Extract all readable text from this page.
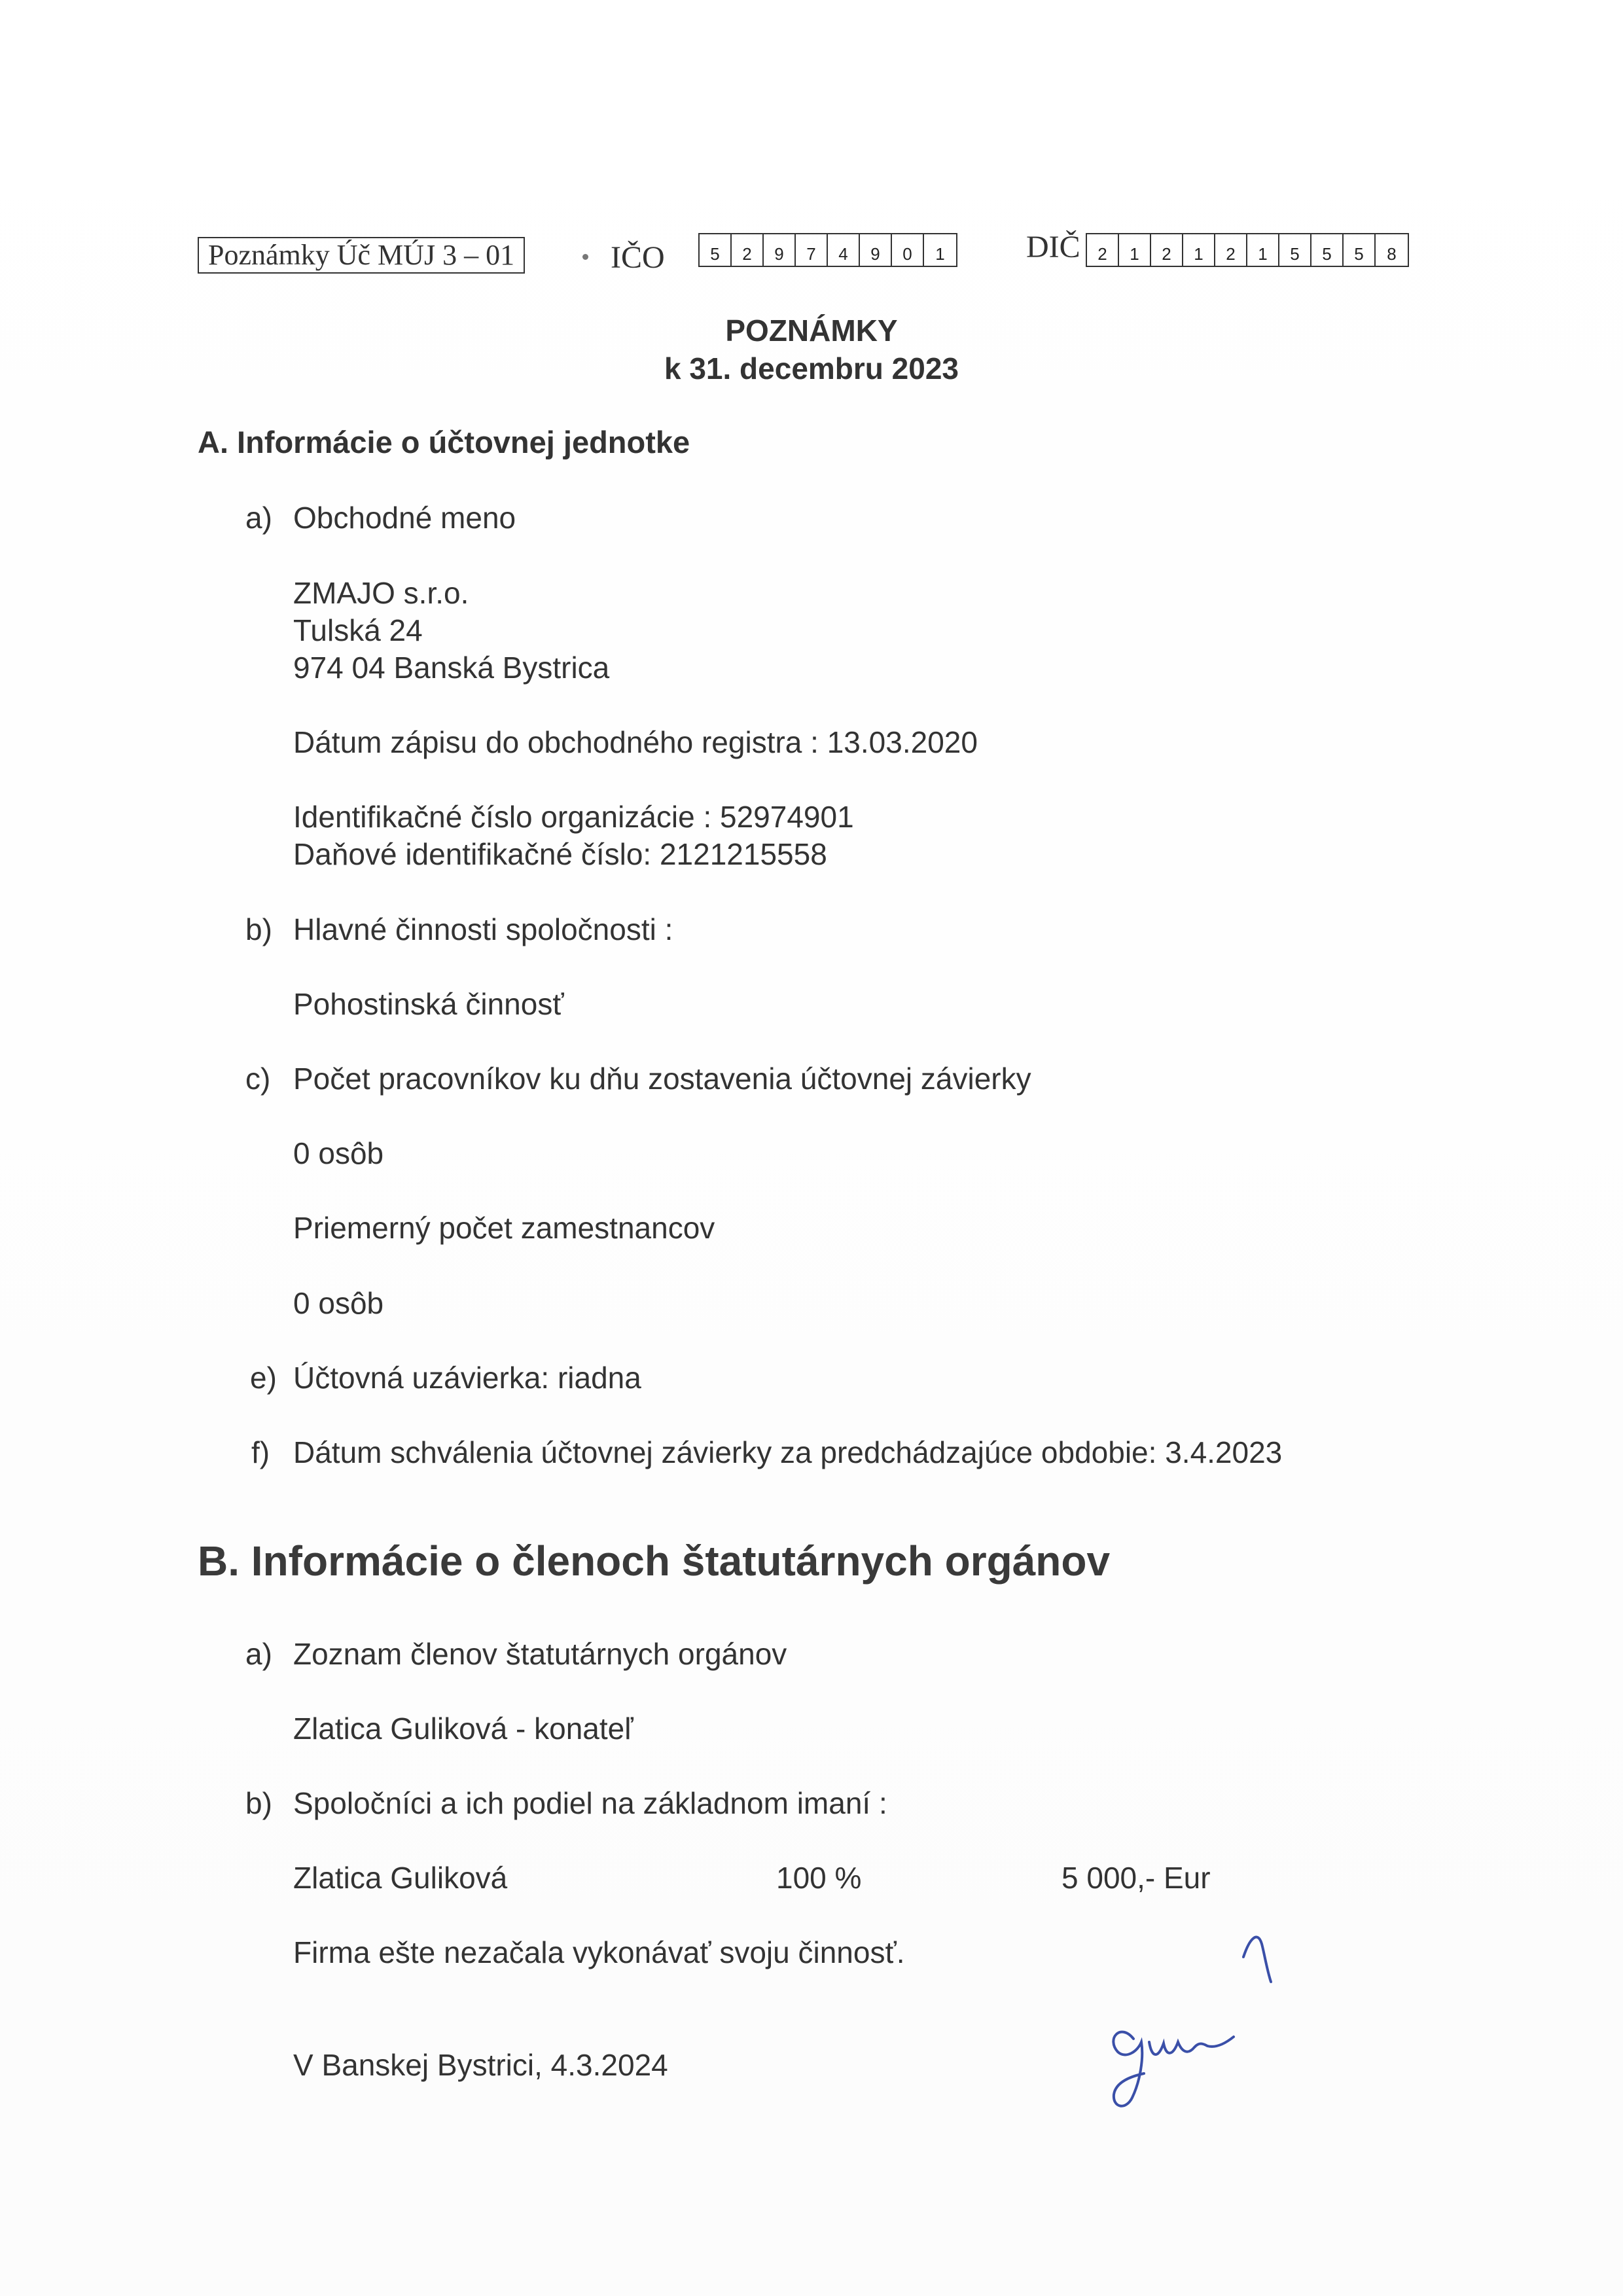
Poznámky Úč MÚJ 3 – 01	IČO	5	2	9	7	4	9	0	1	DIČ	2	1	2	1	2	1	5	5	5	8
POZNÁMKY
k 31. decembru 2023
A. Informácie o účtovnej jednotke
a) Obchodné meno
ZMAJO s.r.o.
Tulská 24
974 04 Banská Bystrica
Dátum zápisu do obchodného registra : 13.03.2020
Identifikačné číslo organizácie : 52974901
Daňové identifikačné číslo: 2121215558
b) Hlavné činnosti spoločnosti :
Pohostinská činnosť
c) Počet pracovníkov ku dňu zostavenia účtovnej závierky
0 osôb
Priemerný počet zamestnancov
0 osôb
e) Účtovná uzávierka: riadna
f) Dátum schválenia účtovnej závierky za predchádzajúce obdobie: 3.4.2023
B. Informácie o členoch štatutárnych orgánov
a) Zoznam členov štatutárnych orgánov
Zlatica Guliková - konateľ
b) Spoločníci a ich podiel na základnom imaní :
Zlatica Guliková	100 %	5 000,- Eur
Firma ešte nezačala vykonávať svoju činnosť.
V Banskej Bystrici, 4.3.2024
